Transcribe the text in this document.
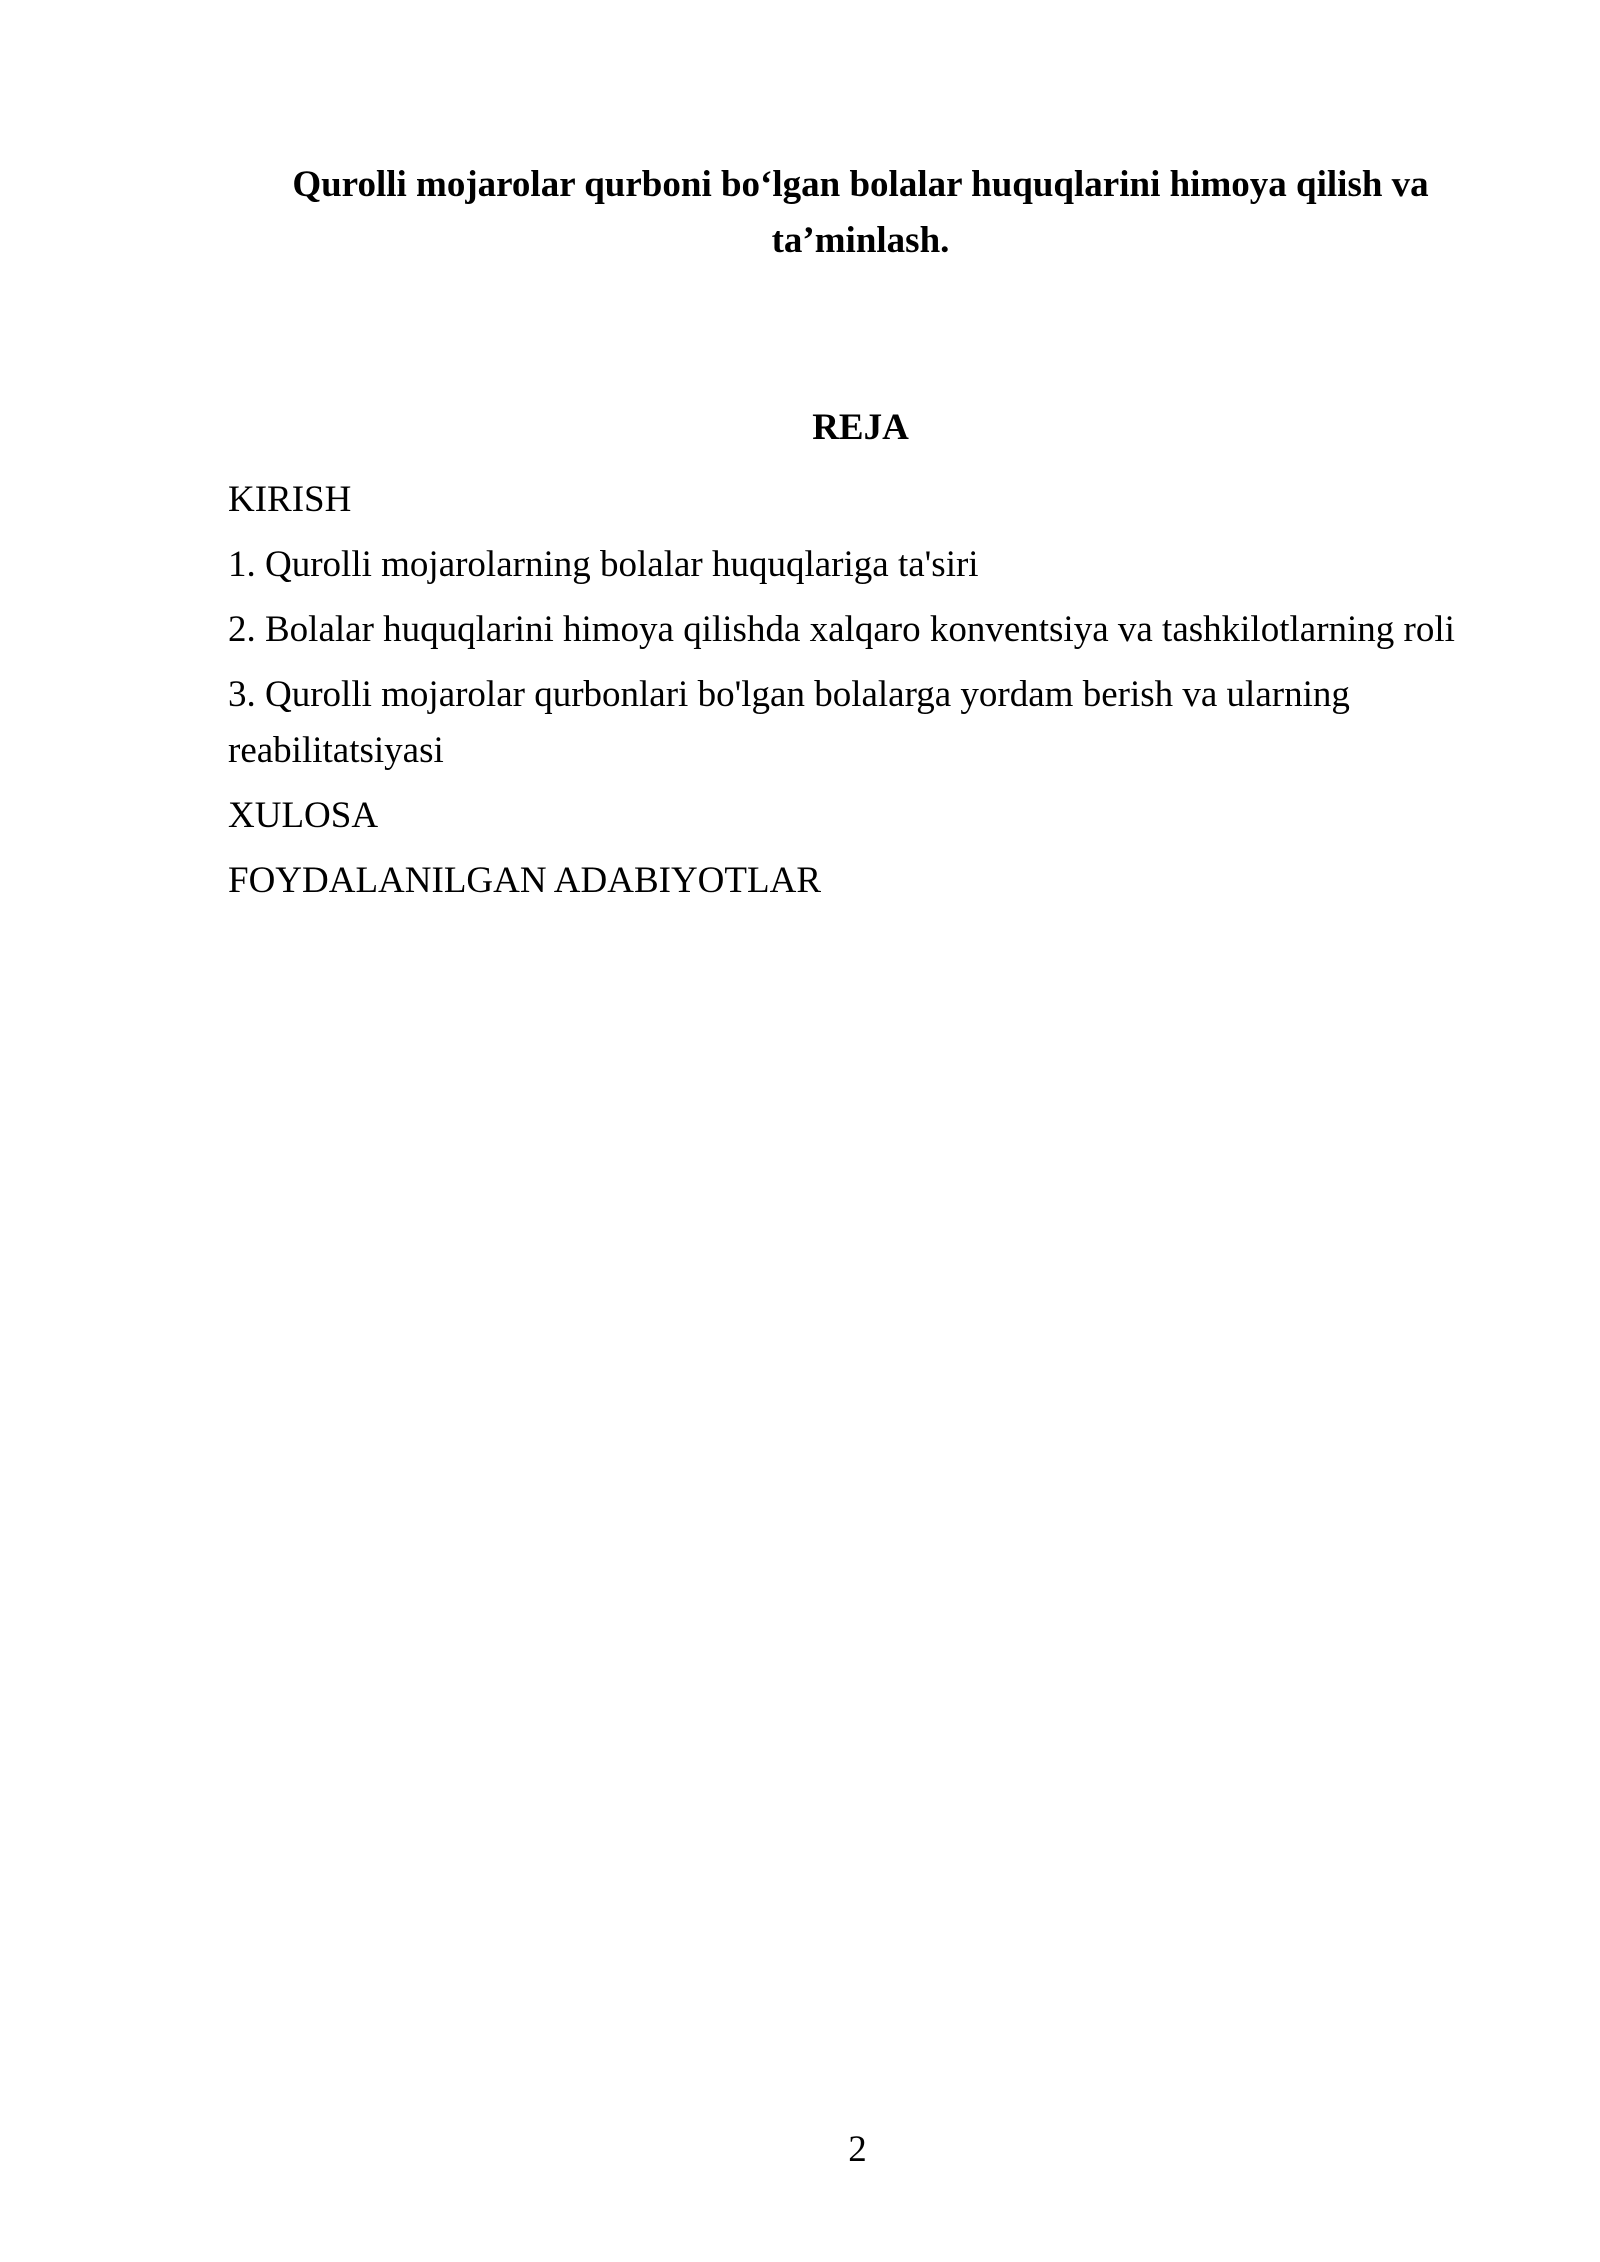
Qurolli mojarolar qurboni bo‘lgan bolalar huquqlarini himoya qilish va
ta’minlash.
REJA
KIRISH
1. Qurolli mojarolarning bolalar huquqlariga ta'siri
2. Bolalar huquqlarini himoya qilishda xalqaro konventsiya va tashkilotlarning roli
3. Qurolli mojarolar qurbonlari bo'lgan bolalarga yordam berish va ularning reabilitatsiyasi
XULOSA
FOYDALANILGAN ADABIYOTLAR
2
